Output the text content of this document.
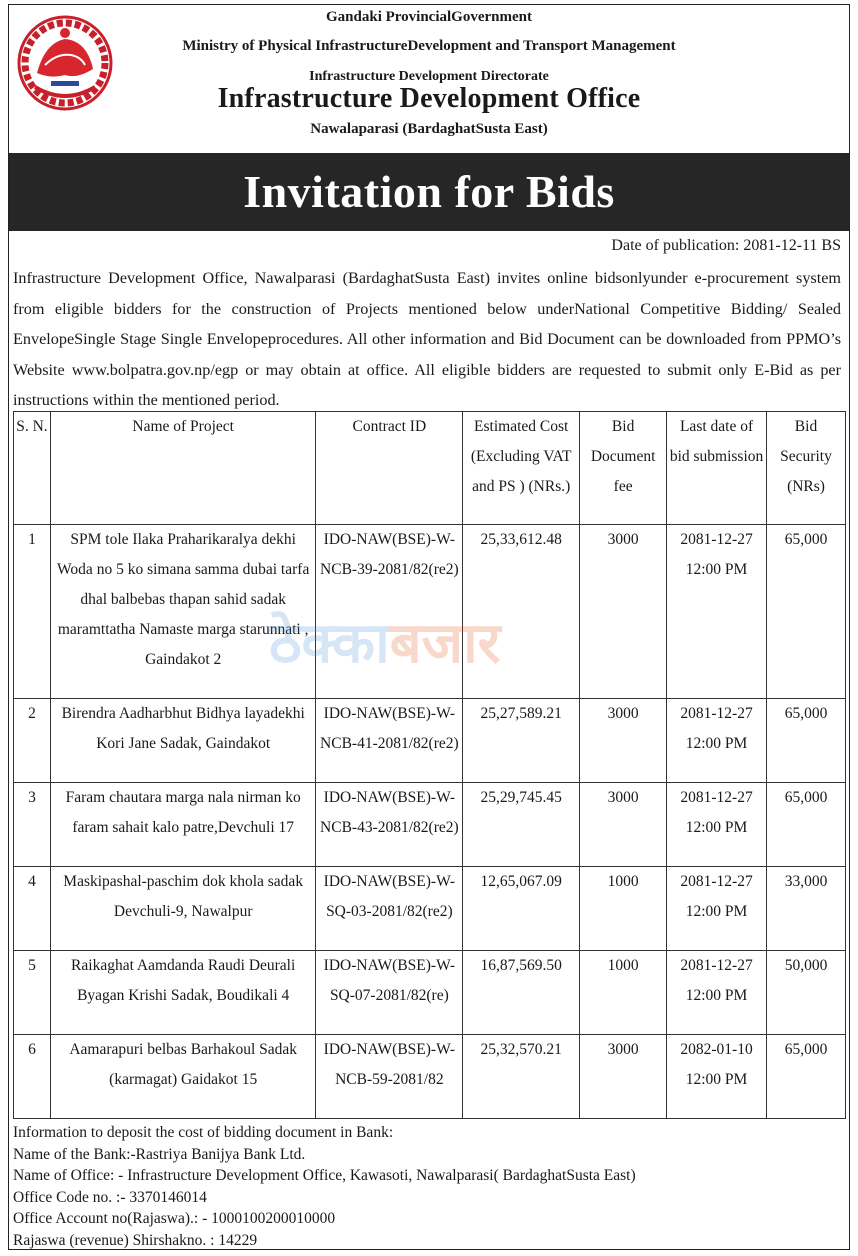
Gandaki ProvincialGovernment
Ministry of Physical InfrastructureDevelopment and Transport Management
Infrastructure Development Directorate
Infrastructure Development Office
Nawalaparasi (BardaghatSusta East)
Invitation for Bids
Date of publication: 2081-12-11 BS
Infrastructure Development Office, Nawalparasi (BardaghatSusta East) invites online bidsonlyunder e-procurement system from eligible bidders for the construction of Projects mentioned below underNational Competitive Bidding/ Sealed EnvelopeSingle Stage Single Envelopeprocedures. All other information and Bid Document can be downloaded from PPMO’s Website www.bolpatra.gov.np/egp or may obtain at office. All eligible bidders are requested to submit only E-Bid as per instructions within the mentioned period.
S. N.	Name of Project	Contract ID	Estimated Cost (Excluding VAT and PS ) (NRs.)	Bid Document fee	Last date of bid submission	Bid Security (NRs)
1	SPM tole Ilaka Praharikaralya dekhi Woda no 5 ko simana samma dubai tarfa dhal balbebas thapan sahid sadak maramttatha Namaste marga starunnati , Gaindakot 2	IDO-NAW(BSE)-W-NCB-39-2081/82(re2)	25,33,612.48	3000	2081-12-27 12:00 PM	65,000
2	Birendra Aadharbhut Bidhya layadekhi Kori Jane Sadak, Gaindakot	IDO-NAW(BSE)-W-NCB-41-2081/82(re2)	25,27,589.21	3000	2081-12-27 12:00 PM	65,000
3	Faram chautara marga nala nirman ko faram sahait kalo patre,Devchuli 17	IDO-NAW(BSE)-W-NCB-43-2081/82(re2)	25,29,745.45	3000	2081-12-27 12:00 PM	65,000
4	Maskipashal-paschim dok khola sadak Devchuli-9, Nawalpur	IDO-NAW(BSE)-W-SQ-03-2081/82(re2)	12,65,067.09	1000	2081-12-27 12:00 PM	33,000
5	Raikaghat Aamdanda Raudi Deurali Byagan Krishi Sadak, Boudikali 4	IDO-NAW(BSE)-W-SQ-07-2081/82(re)	16,87,569.50	1000	2081-12-27 12:00 PM	50,000
6	Aamarapuri belbas Barhakoul Sadak (karmagat) Gaidakot 15	IDO-NAW(BSE)-W-NCB-59-2081/82	25,32,570.21	3000	2082-01-10 12:00 PM	65,000
ठेक्काबजार
Information to deposit the cost of bidding document in Bank:
Name of the Bank:-Rastriya Banijya Bank Ltd.
Name of Office: - Infrastructure Development Office, Kawasoti, Nawalparasi( BardaghatSusta East)
Office Code no. :- 3370146014
Office Account no(Rajaswa).: - 1000100200010000
Rajaswa (revenue) Shirshakno. : 14229
